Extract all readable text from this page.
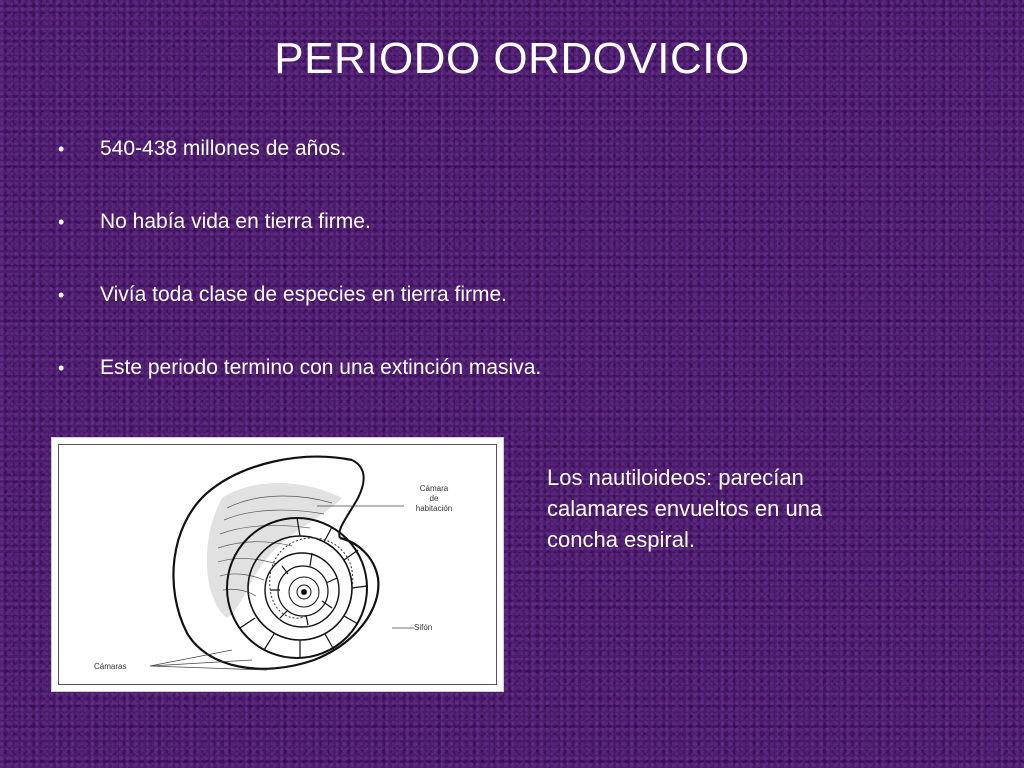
PERIODO ORDOVICIO
•	540-438 millones de años.
•	No había vida en tierra firme.
•	Vivía toda clase de especies en tierra firme.
•	Este periodo termino con una extinción masiva.
Cámara
de
habitación
Sifón
Cámaras
Los nautiloideos: parecían calamares envueltos en una concha espiral.
